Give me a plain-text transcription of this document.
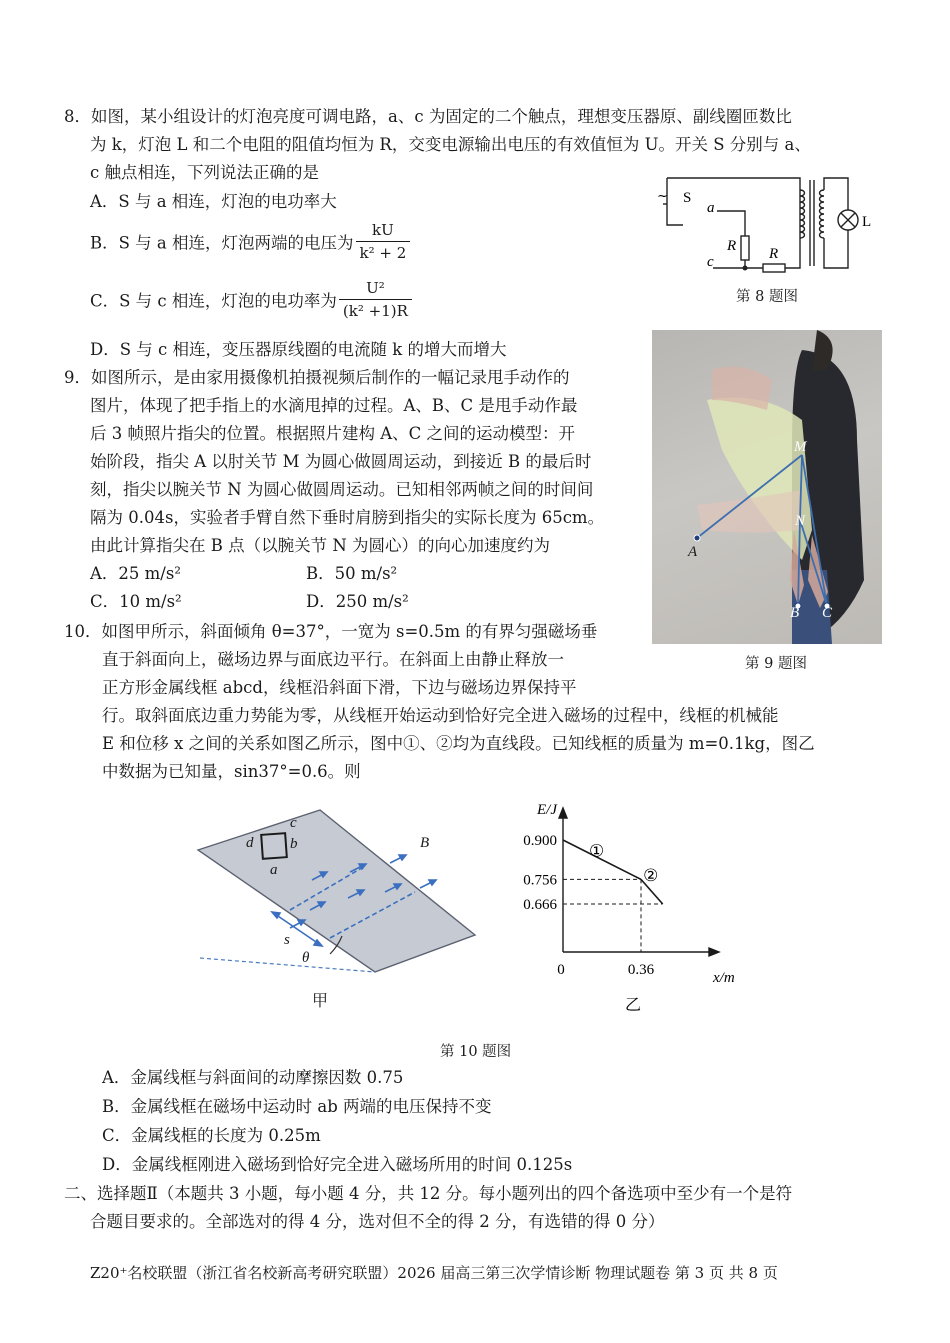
8．如图，某小组设计的灯泡亮度可调电路，a、c 为固定的二个触点，理想变压器原、副线圈匝数比
为 k，灯泡 L 和二个电阻的阻值均恒为 R，交变电源输出电压的有效值恒为 U。开关 S 分别与 a、
c 触点相连，下列说法正确的是
A．S 与 a 相连，灯泡的电功率大
B．S 与 a 相连，灯泡两端的电压为 $\frac{kU}{\text{k² + 2}}$
C．S 与 c 相连，灯泡的电功率为 $\frac{\text{U²}}{\text{(k² +1)R}}$
D．S 与 c 相连，变压器原线圈的电流随 k 的增大而增大
~ S
a
c
R R
L
第 8 题图
9．如图所示，是由家用摄像机拍摄视频后制作的一幅记录甩手动作的
图片，体现了把手指上的水滴甩掉的过程。A、B、C 是甩手动作最
后 3 帧照片指尖的位置。根据照片建构 A、C 之间的运动模型：开
始阶段，指尖 A 以肘关节 M 为圆心做圆周运动，到接近 B 的最后时
刻，指尖以腕关节 N 为圆心做圆周运动。已知相邻两帧之间的时间间
隔为 0.04s，实验者手臂自然下垂时肩膀到指尖的实际长度为 65cm。
由此计算指尖在 B 点（以腕关节 N 为圆心）的向心加速度约为
A．25 m/s²	B．50 m/s²
C．10 m/s²	D．250 m/s²
M
N
B C
A
第 9 题图
10．如图甲所示，斜面倾角 θ=37°，一宽为 s=0.5m 的有界匀强磁场垂
直于斜面向上，磁场边界与面底边平行。在斜面上由静止释放一
正方形金属线框 abcd，线框沿斜面下滑，下边与磁场边界保持平
行。取斜面底边重力势能为零，从线框开始运动到恰好完全进入磁场的过程中，线框的机械能
E 和位移 x 之间的关系如图乙所示，图中①、②均为直线段。已知线框的质量为 m=0.1kg，图乙
中数据为已知量，sin37°=0.6。则
d
c
b
a
B
s
θ
甲
0.900
0.756
0.666
0.36
①
②
E/J
x/m
0
乙
第 10 题图
A．金属线框与斜面间的动摩擦因数 0.75
B．金属线框在磁场中运动时 ab 两端的电压保持不变
C．金属线框的长度为 0.25m
D．金属线框刚进入磁场到恰好完全进入磁场所用的时间 0.125s
二、选择题Ⅱ（本题共 3 小题，每小题 4 分，共 12 分。每小题列出的四个备选项中至少有一个是符
合题目要求的。全部选对的得 4 分，选对但不全的得 2 分，有选错的得 0 分）
Z20⁺名校联盟（浙江省名校新高考研究联盟）2026 届高三第三次学情诊断 物理试题卷 第 3 页 共 8 页
